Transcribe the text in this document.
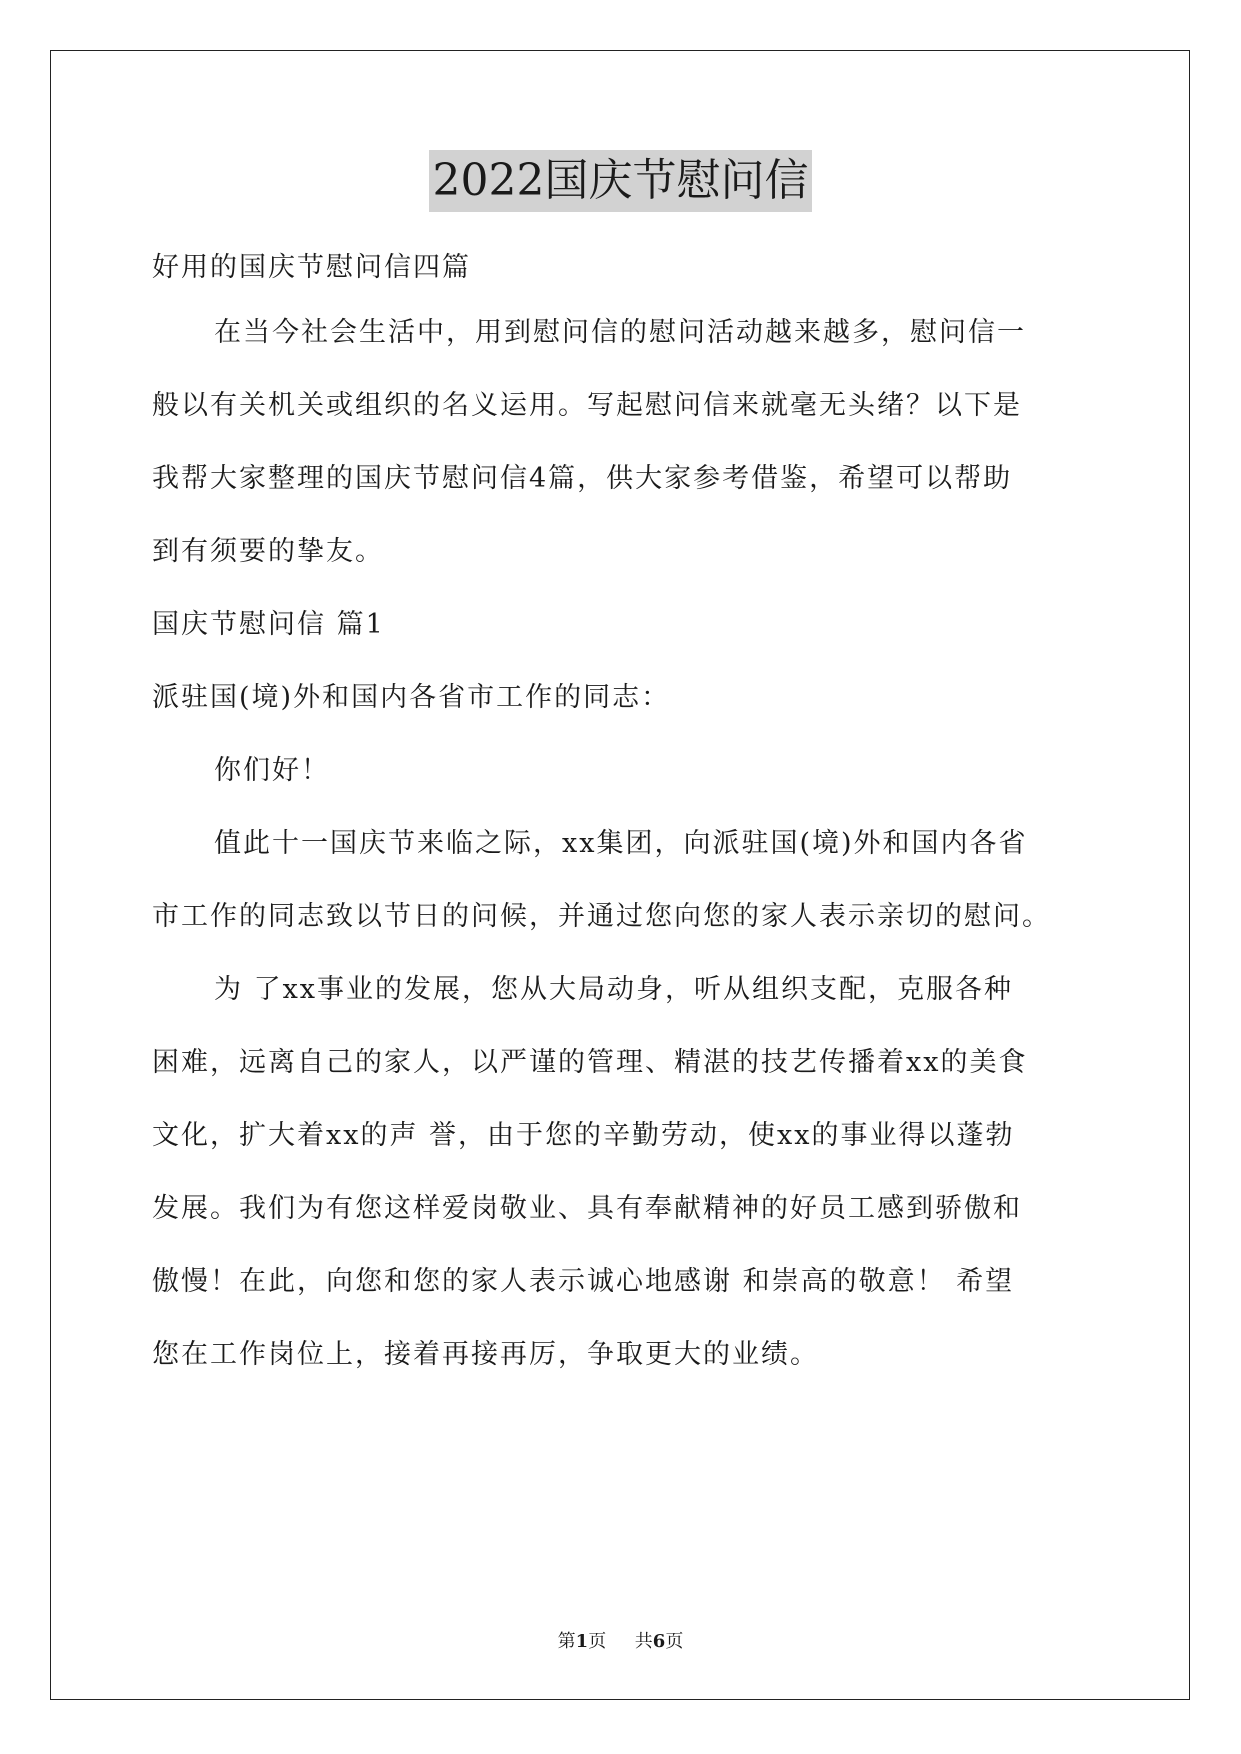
2022国庆节慰问信
好用的国庆节慰问信四篇
在当今社会生活中，用到慰问信的慰问活动越来越多，慰问信一
般以有关机关或组织的名义运用。写起慰问信来就毫无头绪？以下是
我帮大家整理的国庆节慰问信4篇，供大家参考借鉴，希望可以帮助
到有须要的挚友。
国庆节慰问信 篇1
派驻国(境)外和国内各省市工作的同志：
你们好！
值此十一国庆节来临之际，xx集团，向派驻国(境)外和国内各省
市工作的同志致以节日的问候，并通过您向您的家人表示亲切的慰问。
为 了xx事业的发展，您从大局动身，听从组织支配，克服各种
困难，远离自己的家人，以严谨的管理、精湛的技艺传播着xx的美食
文化，扩大着xx的声 誉，由于您的辛勤劳动，使xx的事业得以蓬勃
发展。我们为有您这样爱岗敬业、具有奉献精神的好员工感到骄傲和
傲慢！在此，向您和您的家人表示诚心地感谢 和崇高的敬意！ 希望
您在工作岗位上，接着再接再厉，争取更大的业绩。
第1页 共6页
